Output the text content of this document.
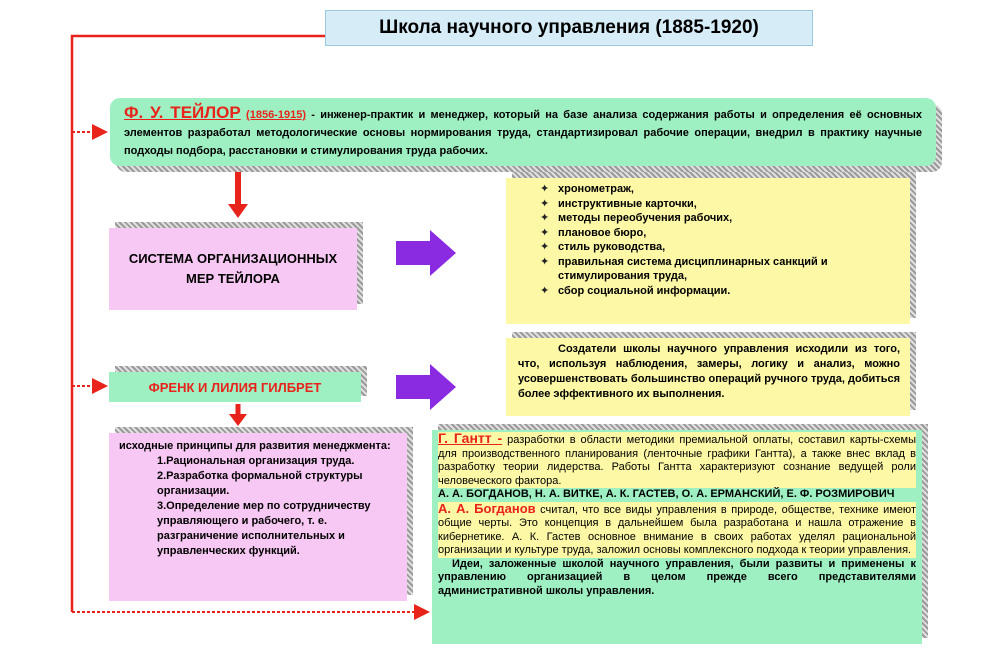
Школа научного управления (1885-1920)
Ф. У. ТЕЙЛОР (1856-1915) - инженер-практик и менеджер, который на базе анализа содержания работы и определения её основных элементов разработал методологические основы нормирования труда, стандартизировал рабочие операции, внедрил в практику научные подходы подбора, расстановки и стимулирования труда рабочих.
СИСТЕМА ОРГАНИЗАЦИОННЫХ МЕР ТЕЙЛОРА
✦ хронометраж,
✦ инструктивные карточки,
✦ методы переобучения рабочих,
✦ плановое бюро,
✦ стиль руководства,
✦ правильная система дисциплинарных санкций и стимулирования труда,
✦ сбор социальной информации.
ФРЕНК И ЛИЛИЯ ГИЛБРЕТ

Создатели школы научного управления исходили из того, что, используя наблюдения, замеры, логику и анализ, можно усовершенствовать большинство операций ручного труда, добиться более эффективного их выполнения.

исходные принципы для развития менеджмента:
1.Рациональная организация труда.
2.Разработка формальной структуры организации.
3.Определение мер по сотрудничеству управляющего и рабочего, т. е. разграничение исполнительных и управленческих функций.

Г. Гантт - разработки в области методики премиальной оплаты, составил карты-схемы для производственного планирования (ленточные графики Гантта), а также внес вклад в разработку теории лидерства. Работы Гантта характеризуют сознание ведущей роли человеческого фактора.

А. А. БОГДАНОВ, Н. А. ВИТКЕ, А. К. ГАСТЕВ, О. А. ЕРМАНСКИЙ, Е. Ф. РОЗМИРОВИЧ

А. А. Богданов считал, что все виды управления в природе, обществе, технике имеют общие черты. Это концепция в дальнейшем была разработана и нашла отражение в кибернетике. А. К. Гастев основное внимание в своих работах уделял рациональной организации и культуре труда, заложил основы комплексного подхода к теории управления.

Идеи, заложенные школой научного управления, были развиты и применены к управлению организацией в целом прежде всего представителями административной школы управления.
